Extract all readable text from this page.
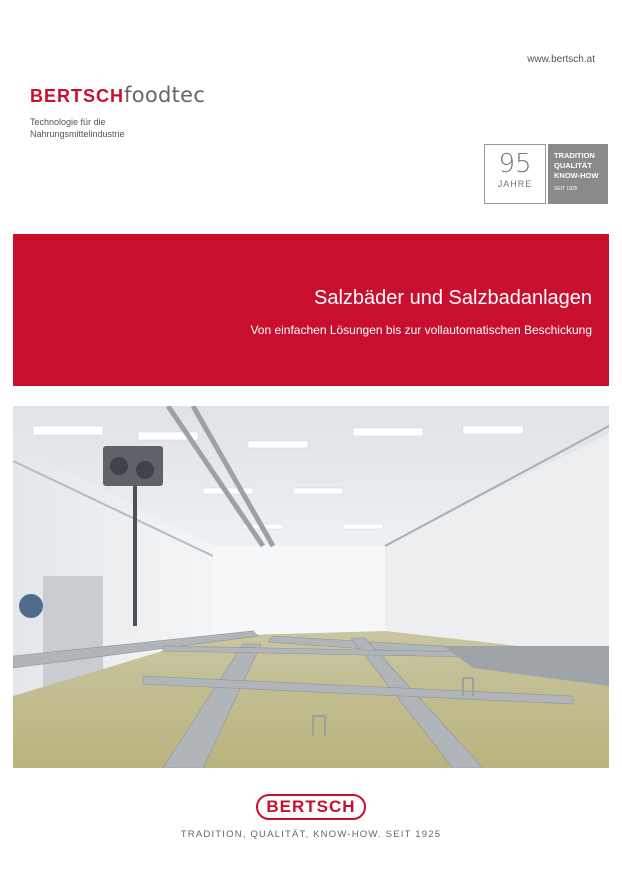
www.bertsch.at
BERTSCHfoodtec
Technologie für die
Nahrungsmittelindustrie
95
JAHRE
TRADITION
QUALITÄT
KNOW-HOW
SEIT 1925
Salzbäder und Salzbadanlagen
Von einfachen Lösungen bis zur vollautomatischen Beschickung
BERTSCH
TRADITION, QUALITÄT, KNOW-HOW. SEIT 1925
